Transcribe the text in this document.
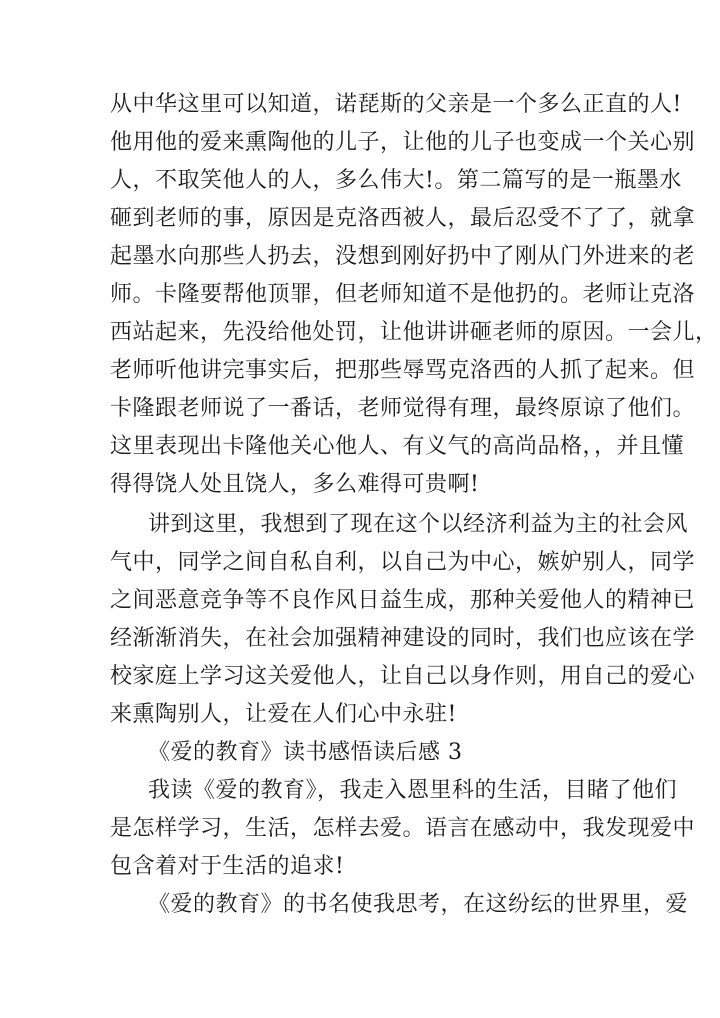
从中华这里可以知道，诺琵斯的父亲是一个多么正直的人!
他用他的爱来熏陶他的儿子，让他的儿子也变成一个关心别
人，不取笑他人的人，多么伟大!。第二篇写的是一瓶墨水
砸到老师的事，原因是克洛西被人，最后忍受不了了，就拿
起墨水向那些人扔去，没想到刚好扔中了刚从门外进来的老
师。卡隆要帮他顶罪，但老师知道不是他扔的。老师让克洛
西站起来，先没给他处罚，让他讲讲砸老师的原因。一会儿，
老师听他讲完事实后，把那些辱骂克洛西的人抓了起来。但
卡隆跟老师说了一番话，老师觉得有理，最终原谅了他们。
这里表现出卡隆他关心他人、有义气的高尚品格，，并且懂
得得饶人处且饶人，多么难得可贵啊!
讲到这里，我想到了现在这个以经济利益为主的社会风
气中，同学之间自私自利，以自己为中心，嫉妒别人，同学
之间恶意竞争等不良作风日益生成，那种关爱他人的精神已
经渐渐消失，在社会加强精神建设的同时，我们也应该在学
校家庭上学习这关爱他人，让自己以身作则，用自己的爱心
来熏陶别人，让爱在人们心中永驻!
《爱的教育》读书感悟读后感 3
我读《爱的教育》，我走入恩里科的生活，目睹了他们
是怎样学习，生活，怎样去爱。语言在感动中，我发现爱中
包含着对于生活的追求!
《爱的教育》的书名使我思考，在这纷纭的世界里，爱
